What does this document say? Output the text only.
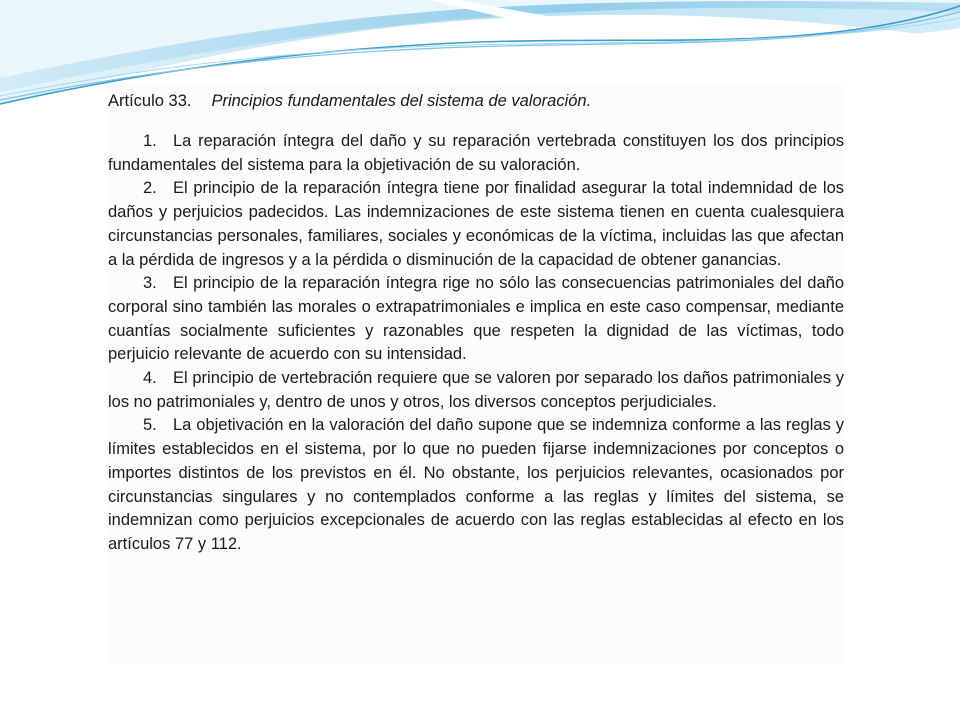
Artículo 33. Principios fundamentales del sistema de valoración.

1. La reparación íntegra del daño y su reparación vertebrada constituyen los dos principios fundamentales del sistema para la objetivación de su valoración.

2. El principio de la reparación íntegra tiene por finalidad asegurar la total indemnidad de los daños y perjuicios padecidos. Las indemnizaciones de este sistema tienen en cuenta cualesquiera circunstancias personales, familiares, sociales y económicas de la víctima, incluidas las que afectan a la pérdida de ingresos y a la pérdida o disminución de la capacidad de obtener ganancias.

3. El principio de la reparación íntegra rige no sólo las consecuencias patrimoniales del daño corporal sino también las morales o extrapatrimoniales e implica en este caso compensar, mediante cuantías socialmente suficientes y razonables que respeten la dignidad de las víctimas, todo perjuicio relevante de acuerdo con su intensidad.

4. El principio de vertebración requiere que se valoren por separado los daños patrimoniales y los no patrimoniales y, dentro de unos y otros, los diversos conceptos perjudiciales.

5. La objetivación en la valoración del daño supone que se indemniza conforme a las reglas y límites establecidos en el sistema, por lo que no pueden fijarse indemnizaciones por conceptos o importes distintos de los previstos en él. No obstante, los perjuicios relevantes, ocasionados por circunstancias singulares y no contemplados conforme a las reglas y límites del sistema, se indemnizan como perjuicios excepcionales de acuerdo con las reglas establecidas al efecto en los artículos 77 y 112.
